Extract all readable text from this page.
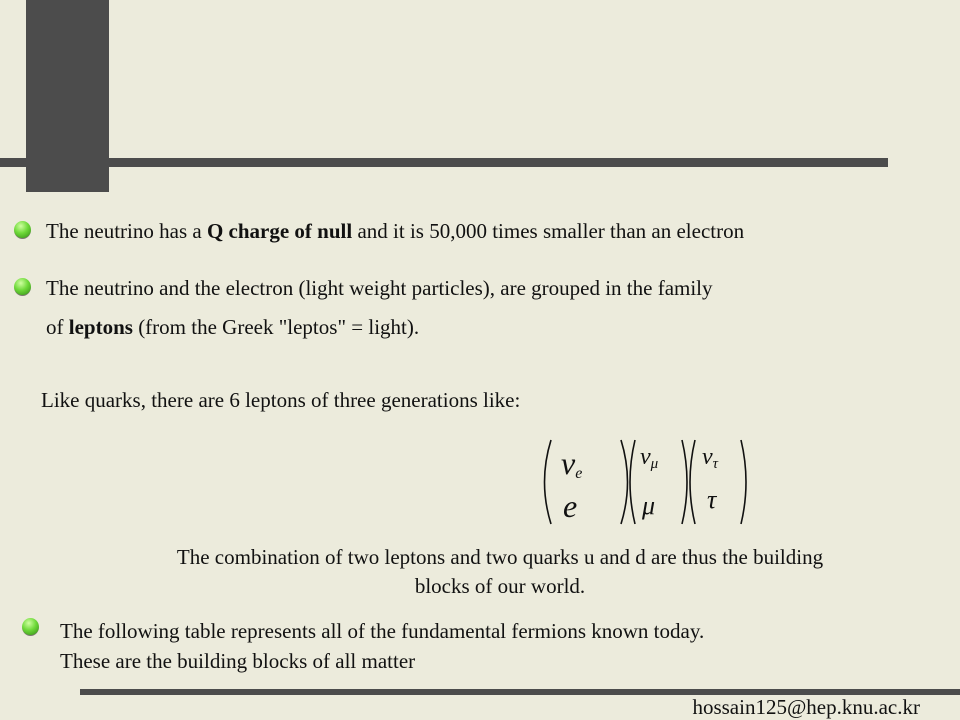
The neutrino has a Q charge of null and it is 50,000 times smaller than an electron
The neutrino and the electron (light weight particles), are grouped in the family
of leptons (from the Greek "leptos" = light).
Like quarks, there are 6 leptons of three generations like:
νe
e
νμ
μ
ντ
τ
The combination of two leptons and two quarks u and d are thus the building
blocks of our world.
The following table represents all of the fundamental fermions known today.
These are the building blocks of all matter
hossain125@hep.knu.ac.kr
